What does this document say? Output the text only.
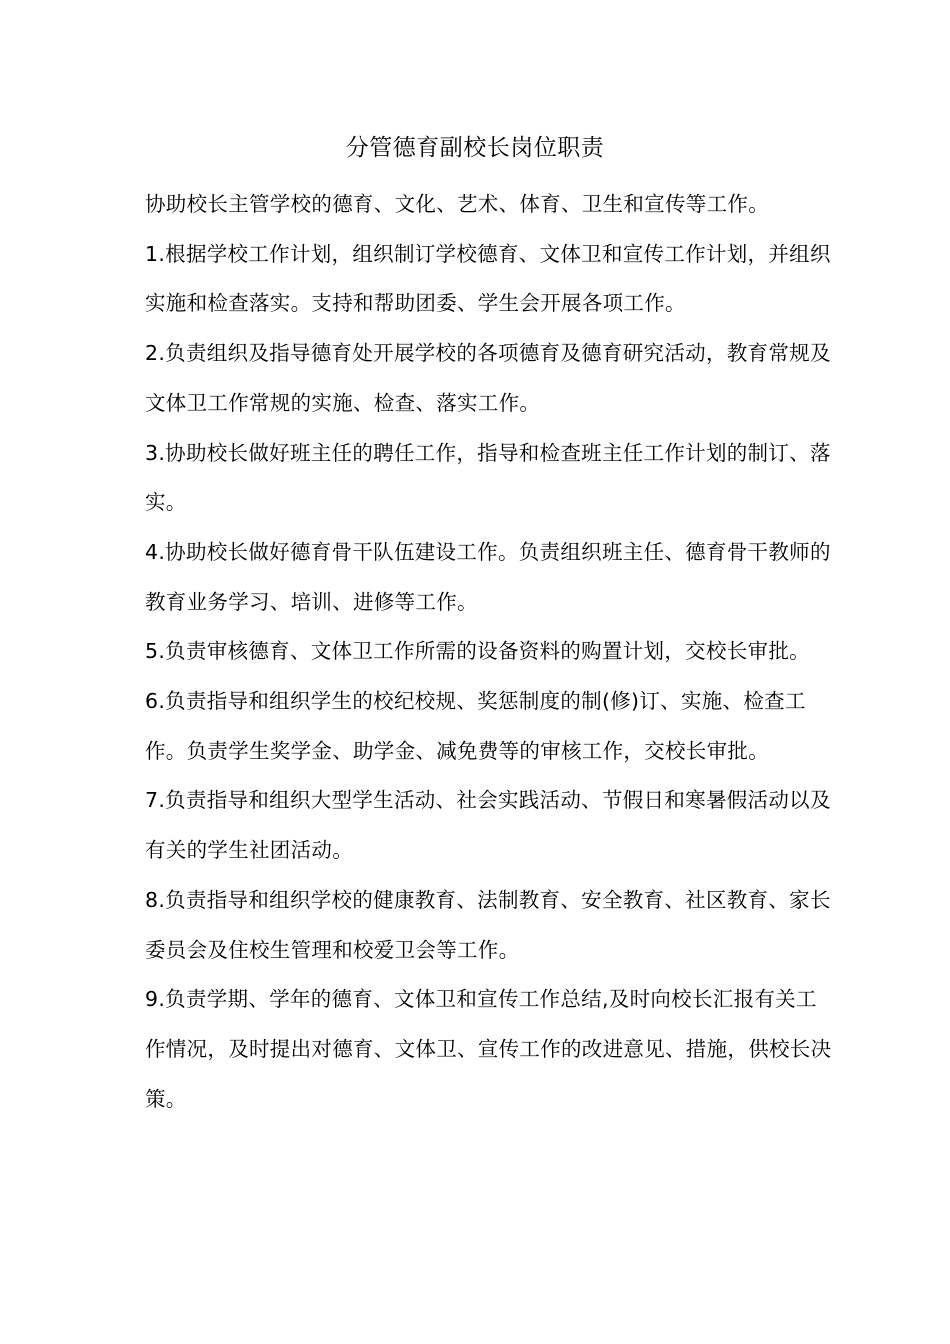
分管德育副校长岗位职责

协助校长主管学校的德育、文化、艺术、体育、卫生和宣传等工作。

1.根据学校工作计划，组织制订学校德育、文体卫和宣传工作计划，并组织实施和检查落实。支持和帮助团委、学生会开展各项工作。

2.负责组织及指导德育处开展学校的各项德育及德育研究活动，教育常规及文体卫工作常规的实施、检查、落实工作。

3.协助校长做好班主任的聘任工作，指导和检查班主任工作计划的制订、落实。

4.协助校长做好德育骨干队伍建设工作。负责组织班主任、德育骨干教师的教育业务学习、培训、进修等工作。

5.负责审核德育、文体卫工作所需的设备资料的购置计划，交校长审批。

6.负责指导和组织学生的校纪校规、奖惩制度的制(修)订、实施、检查工作。负责学生奖学金、助学金、减免费等的审核工作，交校长审批。

7.负责指导和组织大型学生活动、社会实践活动、节假日和寒暑假活动以及有关的学生社团活动。

8.负责指导和组织学校的健康教育、法制教育、安全教育、社区教育、家长委员会及住校生管理和校爱卫会等工作。

9.负责学期、学年的德育、文体卫和宣传工作总结,及时向校长汇报有关工作情况，及时提出对德育、文体卫、宣传工作的改进意见、措施，供校长决策。
